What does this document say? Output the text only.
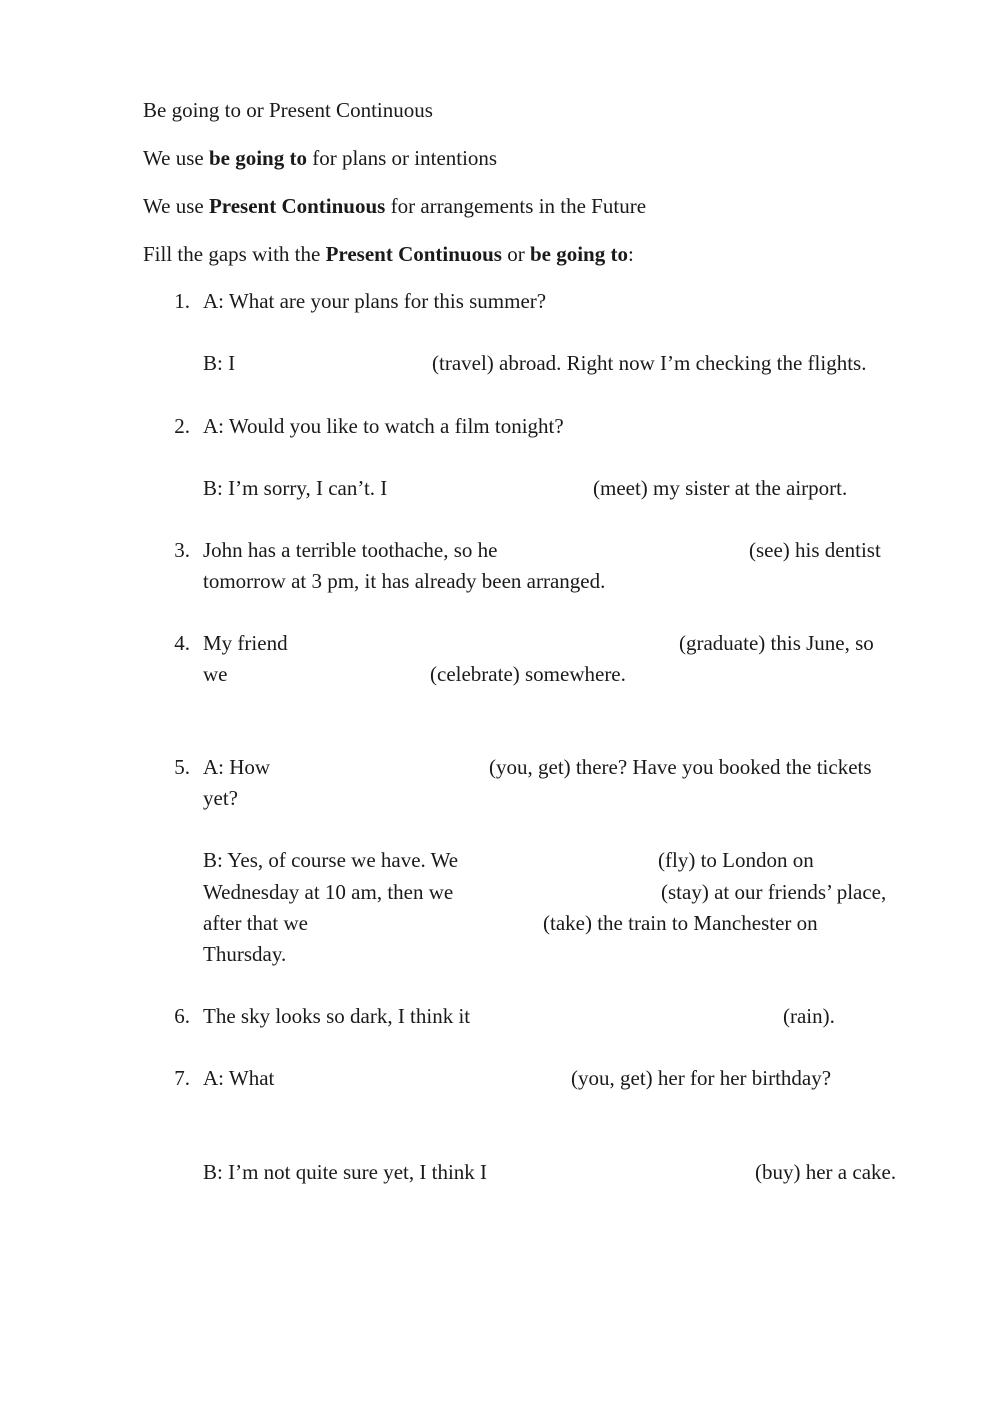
Be going to or Present Continuous
We use be going to for plans or intentions
We use Present Continuous for arrangements in the Future
Fill the gaps with the Present Continuous or be going to:
1. A: What are your plans for this summer?
B: I	(travel) abroad. Right now I’m checking the flights.
2. A: Would you like to watch a film tonight?
B: I’m sorry, I can’t. I	(meet) my sister at the airport.
3. John has a terrible toothache, so he	(see) his dentist
tomorrow at 3 pm, it has already been arranged.
4. My friend	(graduate) this June, so
we	(celebrate) somewhere.
5. A: How	(you, get) there? Have you booked the tickets
yet?
B: Yes, of course we have. We	(fly) to London on
Wednesday at 10 am, then we	(stay) at our friends’ place,
after that we	(take) the train to Manchester on
Thursday.
6. The sky looks so dark, I think it	(rain).
7. A: What	(you, get) her for her birthday?
B: I’m not quite sure yet, I think I	(buy) her a cake.
